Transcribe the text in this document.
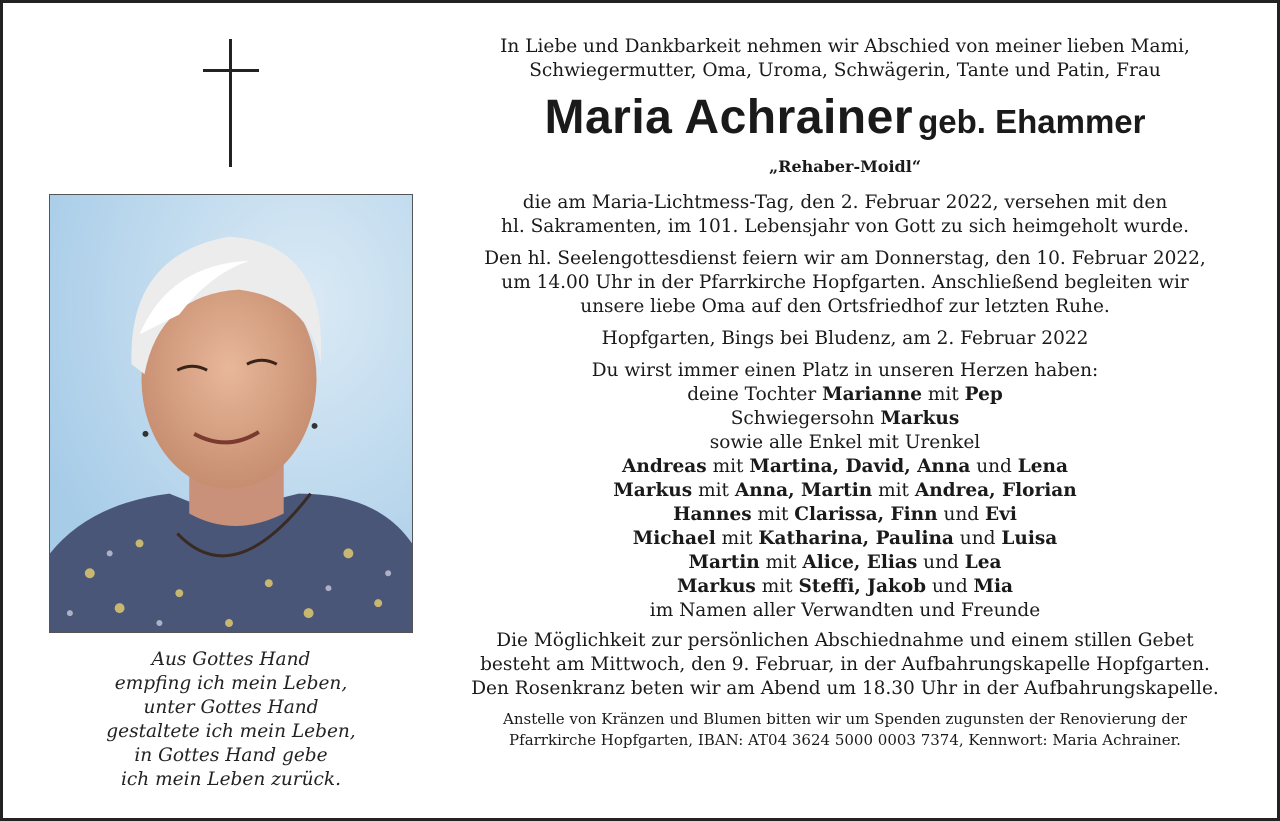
Aus Gottes Hand
empfing ich mein Leben,
unter Gottes Hand
gestaltete ich mein Leben,
in Gottes Hand gebe
ich mein Leben zurück.
In Liebe und Dankbarkeit nehmen wir Abschied von meiner lieben Mami,
Schwiegermutter, Oma, Uroma, Schwägerin, Tante und Patin, Frau
Maria Achrainer geb. Ehammer
„Rehaber-Moidl“
die am Maria-Lichtmess-Tag, den 2. Februar 2022, versehen mit den
hl. Sakramenten, im 101. Lebensjahr von Gott zu sich heimgeholt wurde.
Den hl. Seelengottesdienst feiern wir am Donnerstag, den 10. Februar 2022,
um 14.00 Uhr in der Pfarrkirche Hopfgarten. Anschließend begleiten wir
unsere liebe Oma auf den Ortsfriedhof zur letzten Ruhe.
Hopfgarten, Bings bei Bludenz, am 2. Februar 2022
Du wirst immer einen Platz in unseren Herzen haben:
deine Tochter Marianne mit Pep
Schwiegersohn Markus
sowie alle Enkel mit Urenkel
Andreas mit Martina, David, Anna und Lena
Markus mit Anna, Martin mit Andrea, Florian
Hannes mit Clarissa, Finn und Evi
Michael mit Katharina, Paulina und Luisa
Martin mit Alice, Elias und Lea
Markus mit Steffi, Jakob und Mia
im Namen aller Verwandten und Freunde
Die Möglichkeit zur persönlichen Abschiednahme und einem stillen Gebet
besteht am Mittwoch, den 9. Februar, in der Aufbahrungskapelle Hopfgarten.
Den Rosenkranz beten wir am Abend um 18.30 Uhr in der Aufbahrungskapelle.
Anstelle von Kränzen und Blumen bitten wir um Spenden zugunsten der Renovierung der
Pfarrkirche Hopfgarten, IBAN: AT04 3624 5000 0003 7374, Kennwort: Maria Achrainer.
